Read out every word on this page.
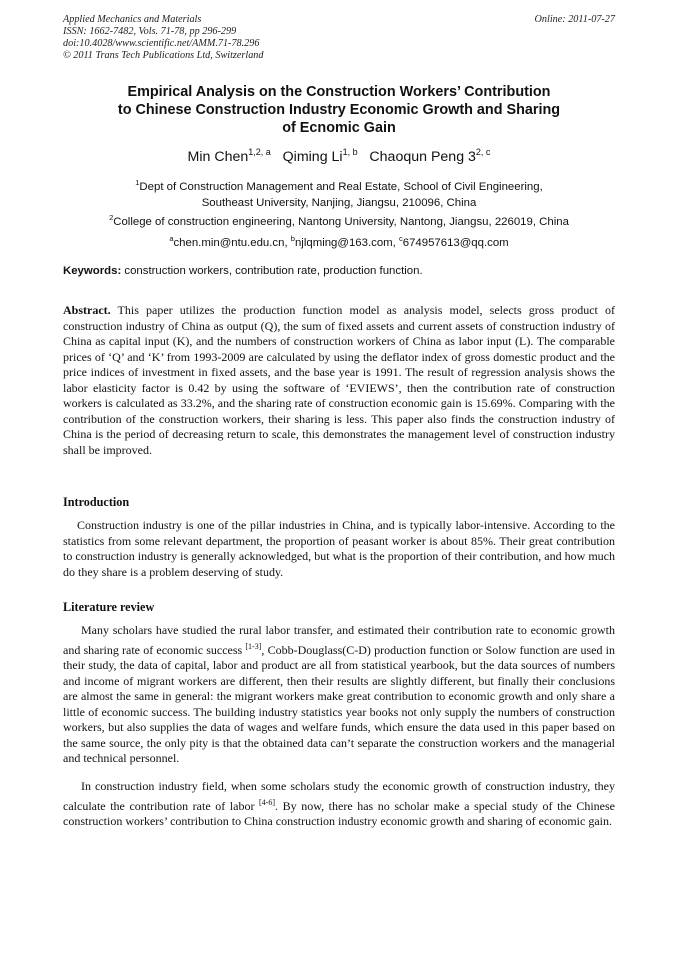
Applied Mechanics and Materials
ISSN: 1662-7482, Vols. 71-78, pp 296-299
doi:10.4028/www.scientific.net/AMM.71-78.296
© 2011 Trans Tech Publications Ltd, Switzerland
Online: 2011-07-27
Empirical Analysis on the Construction Workers’ Contribution
to Chinese Construction Industry Economic Growth and Sharing
of Ecnomic Gain
Min Chen$^{1,2, a}$ Qiming Li$^{1, b}$ Chaoqun Peng 3$^{2, c}$
$^1$Dept of Construction Management and Real Estate, School of Civil Engineering,
Southeast University, Nanjing, Jiangsu, 210096, China
$^2$College of construction engineering, Nantong University, Nantong, Jiangsu, 226019, China
$^a$chen.min@ntu.edu.cn, $^b$njlqming@163.com, $^c$674957613@qq.com
Keywords: construction workers, contribution rate, production function.
Abstract. This paper utilizes the production function model as analysis model, selects gross product of construction industry of China as output (Q), the sum of fixed assets and current assets of construction industry of China as capital input (K), and the numbers of construction workers of China as labor input (L). The comparable prices of ‘Q’ and ‘K’ from 1993-2009 are calculated by using the deflator index of gross domestic product and the price indices of investment in fixed assets, and the base year is 1991. The result of regression analysis shows the labor elasticity factor is 0.42 by using the software of ‘EVIEWS’, then the contribution rate of construction workers is calculated as 33.2%, and the sharing rate of construction economic gain is 15.69%. Comparing with the contribution of the construction workers, their sharing is less. This paper also finds the construction industry of China is the period of decreasing return to scale, this demonstrates the management level of construction industry shall be improved.
Introduction
Construction industry is one of the pillar industries in China, and is typically labor-intensive. According to the statistics from some relevant department, the proportion of peasant worker is about 85%. Their great contribution to construction industry is generally acknowledged, but what is the proportion of their contribution, and how much do they share is a problem deserving of study.
Literature review
Many scholars have studied the rural labor transfer, and estimated their contribution rate to economic growth and sharing rate of economic success [1-3], Cobb-Douglass(C-D) production function or Solow function are used in their study, the data of capital, labor and product are all from statistical yearbook, but the data sources of numbers and income of migrant workers are different, then their results are slightly different, but finally their conclusions are almost the same in general: the migrant workers make great contribution to economic growth and only share a little of economic success. The building industry statistics year books not only supply the numbers of construction workers, but also supplies the data of wages and welfare funds, which ensure the data used in this paper based on the same source, the only pity is that the obtained data can’t separate the construction workers and the managerial and technical personnel.
In construction industry field, when some scholars study the economic growth of construction industry, they calculate the contribution rate of labor [4-6]. By now, there has no scholar make a special study of the Chinese construction workers’ contribution to China construction industry economic growth and sharing of economic gain.
